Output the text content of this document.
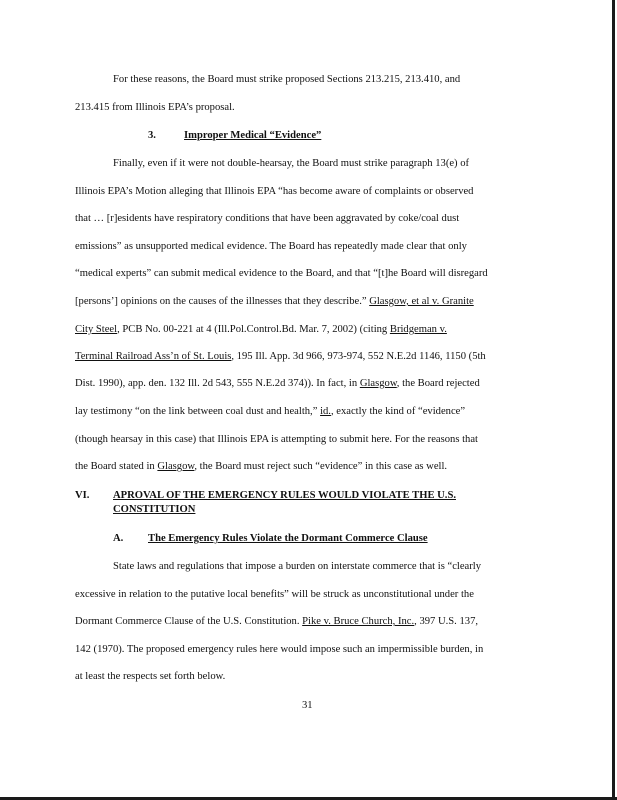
For these reasons, the Board must strike proposed Sections 213.215, 213.410, and
213.415 from Illinois EPA’s proposal.
3.	Improper Medical “Evidence”
Finally, even if it were not double-hearsay, the Board must strike paragraph 13(e) of
Illinois EPA’s Motion alleging that Illinois EPA “has become aware of complaints or observed
that … [r]esidents have respiratory conditions that have been aggravated by coke/coal dust
emissions” as unsupported medical evidence. The Board has repeatedly made clear that only
“medical experts” can submit medical evidence to the Board, and that “[t]he Board will disregard
[persons’] opinions on the causes of the illnesses that they describe.” Glasgow, et al v. Granite
City Steel, PCB No. 00-221 at 4 (Ill.Pol.Control.Bd. Mar. 7, 2002) (citing Bridgeman v.
Terminal Railroad Ass’n of St. Louis, 195 Ill. App. 3d 966, 973-974, 552 N.E.2d 1146, 1150 (5th
Dist. 1990), app. den. 132 Ill. 2d 543, 555 N.E.2d 374)). In fact, in Glasgow, the Board rejected
lay testimony “on the link between coal dust and health,” id., exactly the kind of “evidence”
(though hearsay in this case) that Illinois EPA is attempting to submit here. For the reasons that
the Board stated in Glasgow, the Board must reject such “evidence” in this case as well.
VI. APROVAL OF THE EMERGENCY RULES WOULD VIOLATE THE U.S.
CONSTITUTION
A. The Emergency Rules Violate the Dormant Commerce Clause
State laws and regulations that impose a burden on interstate commerce that is “clearly
excessive in relation to the putative local benefits” will be struck as unconstitutional under the
Dormant Commerce Clause of the U.S. Constitution. Pike v. Bruce Church, Inc., 397 U.S. 137,
142 (1970). The proposed emergency rules here would impose such an impermissible burden, in
at least the respects set forth below.
31
